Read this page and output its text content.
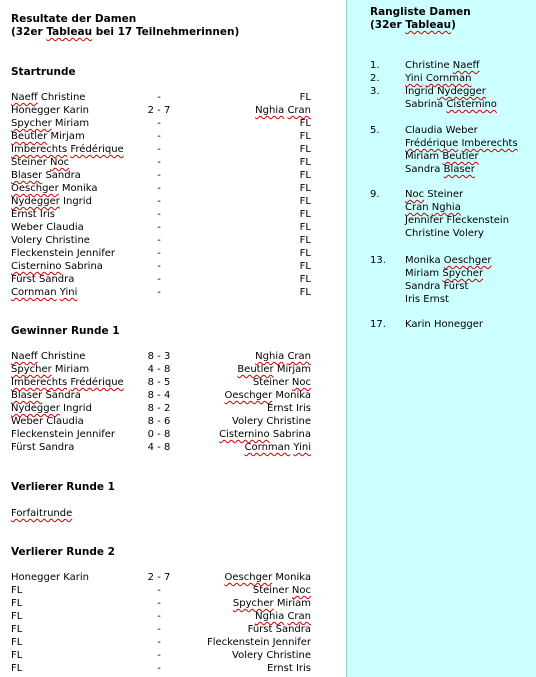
Resultate der Damen
(32er Tableau bei 17 Teilnehmerinnen)
Startrunde
Naeff Christine	-	FL
Honegger Karin	2 - 7	Nghia Cran
Spycher Miriam	-	FL
Beutler Mirjam	-	FL
Imberechts Frédérique	-	FL
Steiner Noc	-	FL
Blaser Sandra	-	FL
Oeschger Monika	-	FL
Nydegger Ingrid	-	FL
Ernst Iris	-	FL
Weber Claudia	-	FL
Volery Christine	-	FL
Fleckenstein Jennifer	-	FL
Cisternino Sabrina	-	FL
Fürst Sandra	-	FL
Cornman Yini	-	FL
Gewinner Runde 1
Naeff Christine	8 - 3	Nghia Cran
Spycher Miriam	4 - 8	Beutler Mirjam
Imberechts Frédérique	8 - 5	Steiner Noc
Blaser Sandra	8 - 4	Oeschger Monika
Nydegger Ingrid	8 - 2	Ernst Iris
Weber Claudia	8 - 6	Volery Christine
Fleckenstein Jennifer	0 - 8	Cisternino Sabrina
Fürst Sandra	4 - 8	Cornman Yini
Verlierer Runde 1
Forfaitrunde
Verlierer Runde 2
Honegger Karin	2 - 7	Oeschger Monika
FL	-	Steiner Noc
FL	-	Spycher Miriam
FL	-	Nghia Cran
FL	-	Fürst Sandra
FL	-	Fleckenstein Jennifer
FL	-	Volery Christine
FL	-	Ernst Iris
Rangliste Damen
(32er Tableau)
1.	Christine Naeff
2.	Yini Cornman
3.	Ingrid Nydegger
Sabrina Cisternino
5.	Claudia Weber
Frédérique Imberechts
Miriam Beutler
Sandra Blaser
9.	Noc Steiner
Cran Nghia
Jennifer Fleckenstein
Christine Volery
13. Monika Oeschger
Miriam Spycher
Sandra Fürst
Iris Ernst
17. Karin Honegger
